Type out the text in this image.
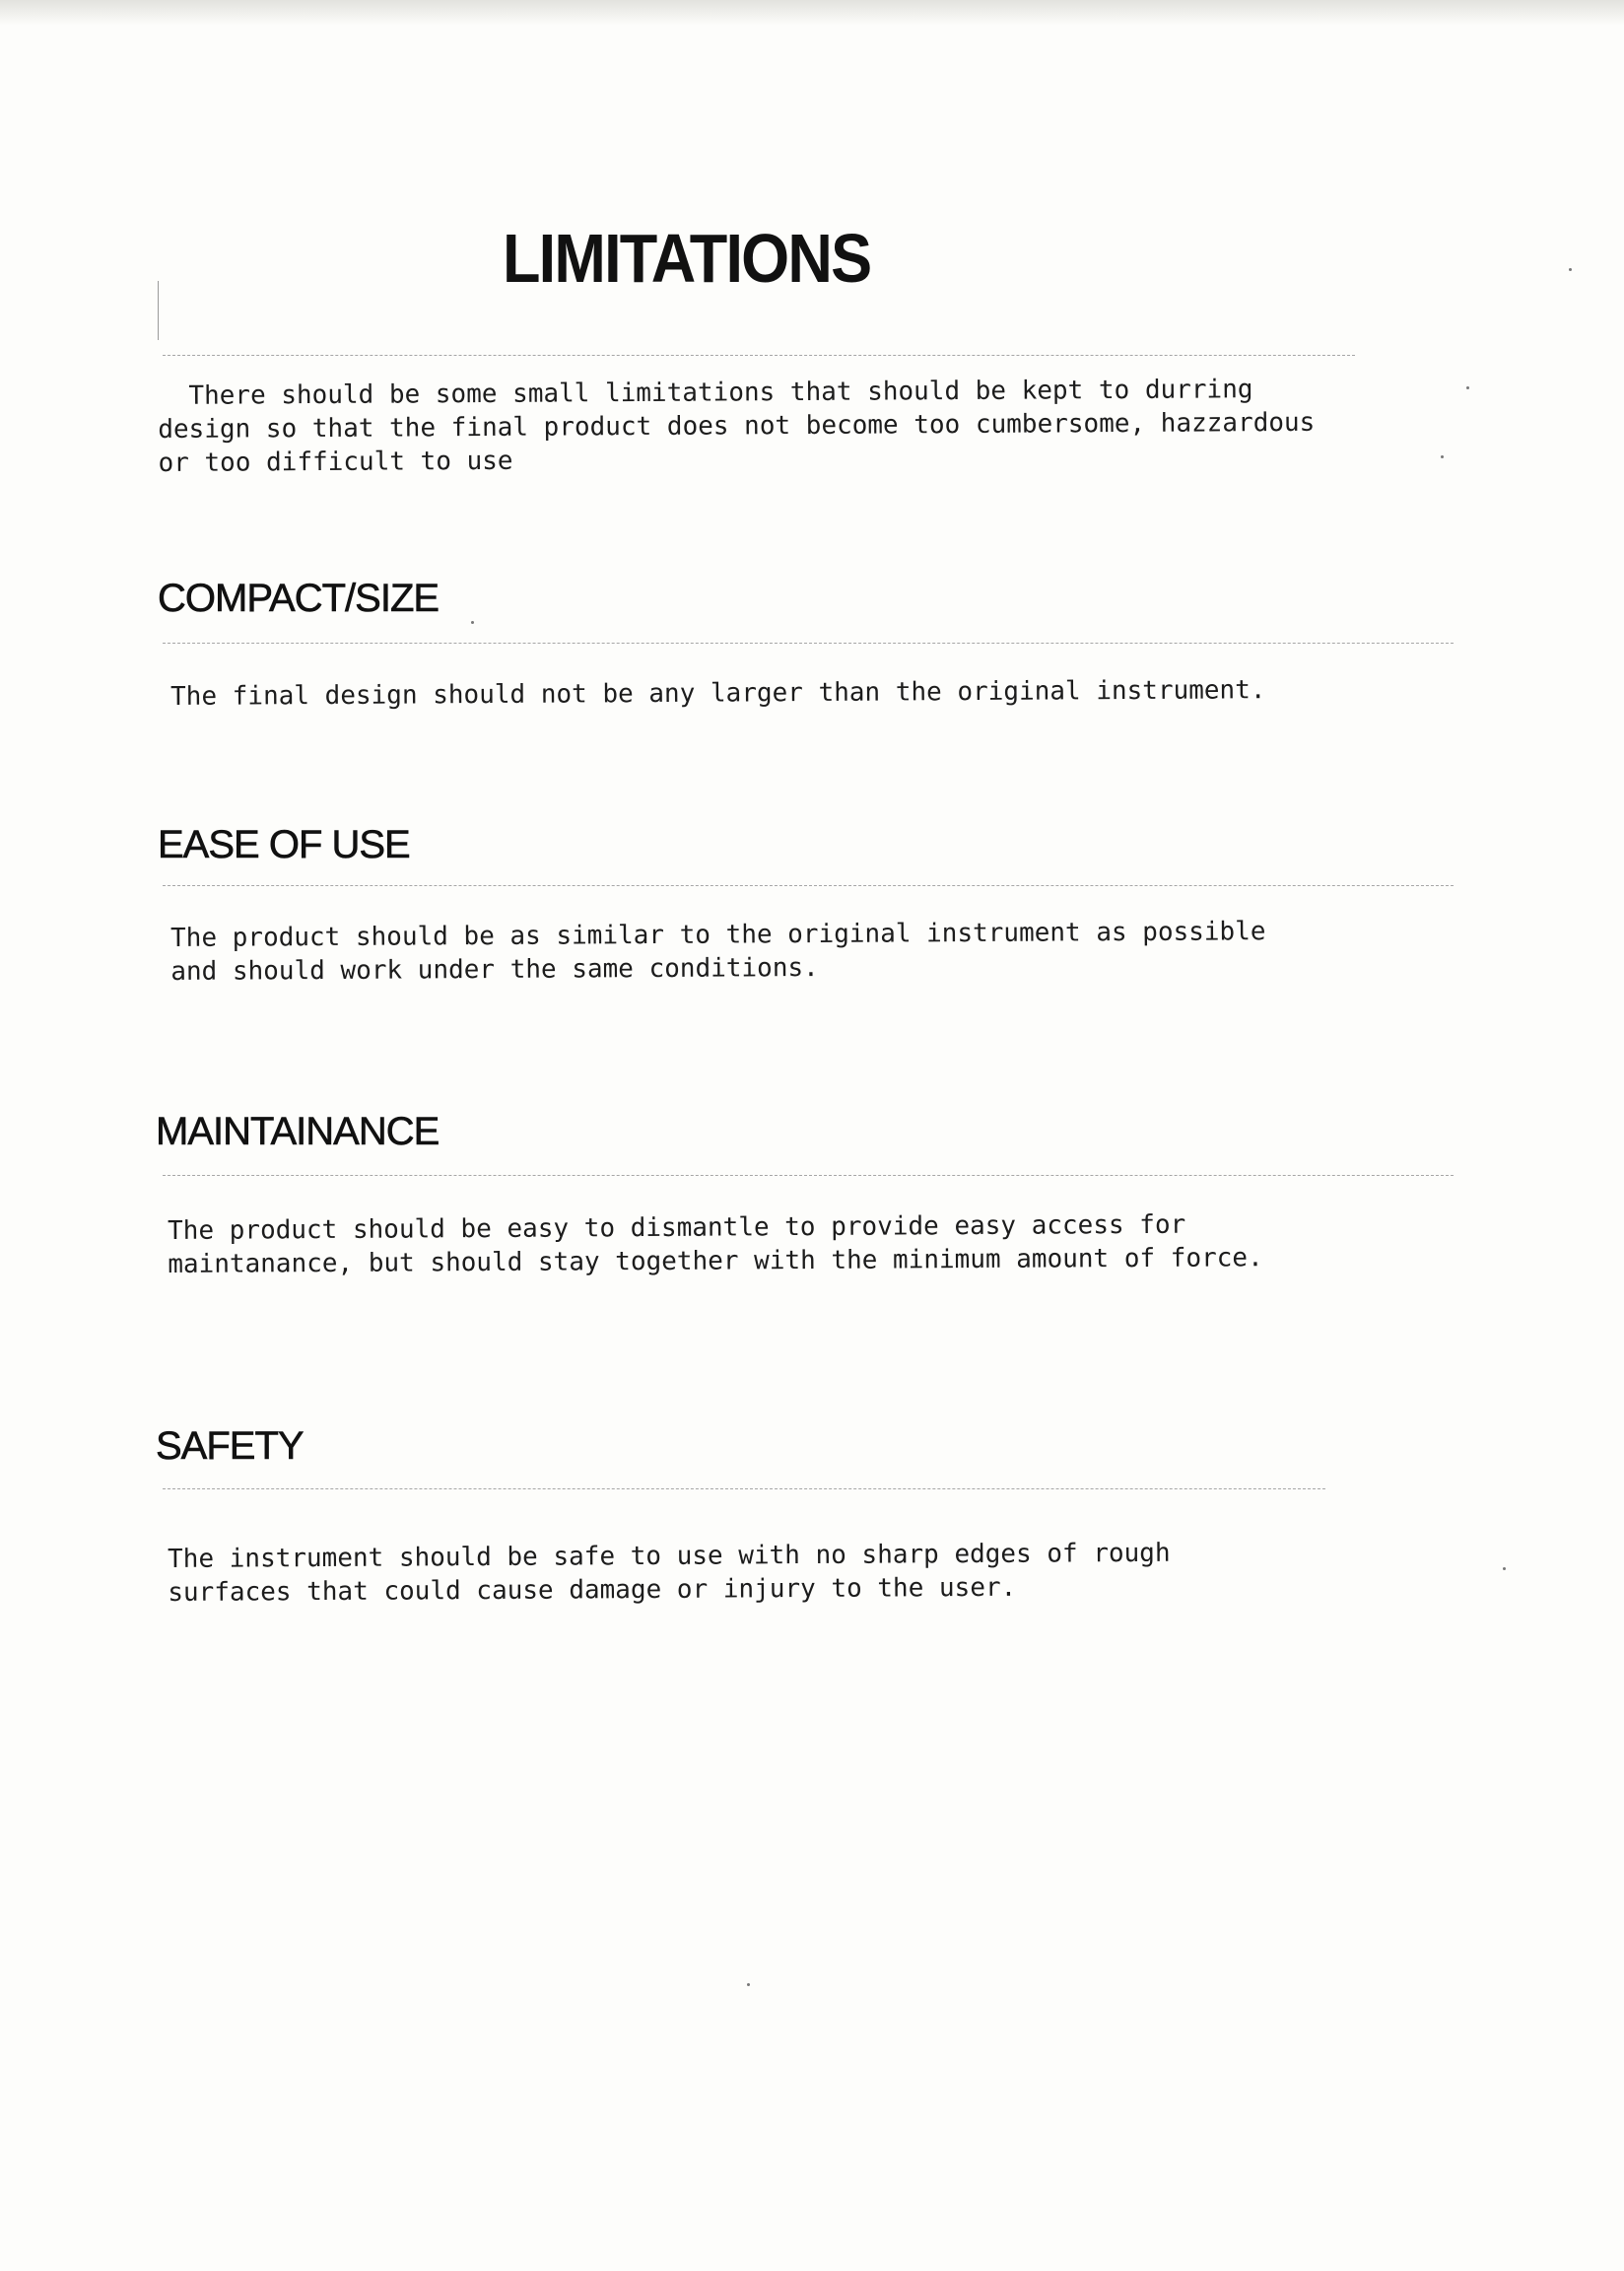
LIMITATIONS
There should be some small limitations that should be kept to durring
design so that the final product does not become too cumbersome, hazzardous
or too difficult to use
COMPACT/SIZE
The final design should not be any larger than the original instrument.
EASE OF USE
The product should be as similar to the original instrument as possible
and should work under the same conditions.
MAINTAINANCE
The product should be easy to dismantle to provide easy access for
maintanance, but should stay together with the minimum amount of force.
SAFETY
The instrument should be safe to use with no sharp edges of rough
surfaces that could cause damage or injury to the user.
